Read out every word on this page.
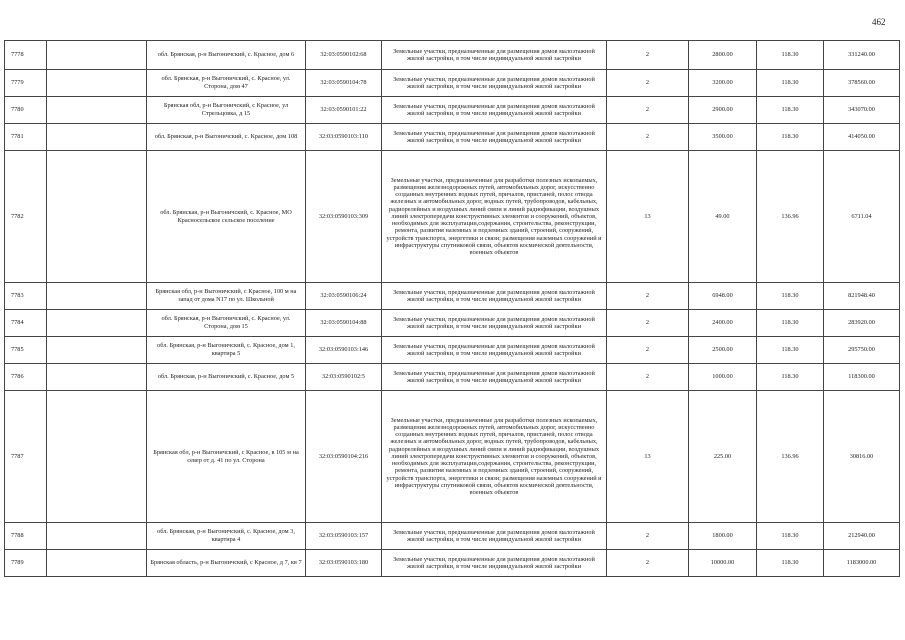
462
7778		обл. Брянская, р-н Выгоничский, с. Красное, дом 6	32:03:0590102:68	Земельные участки, предназначенные для размещения домов малоэтажной жилой застройки, в том числе индивидуальной жилой застройки	2	2800.00	118.30	331240.00
7779		обл. Брянская, р-н Выгоничский, с. Красное, ул. Сторона, дом 47	32:03:0590104:78	Земельные участки, предназначенные для размещения домов малоэтажной жилой застройки, в том числе индивидуальной жилой застройки	2	3200.00	118.30	378560.00
7780		Брянская обл, р-н Выгоничский, с Красное, ул Стрельцовка, д 15	32:03:0590101:22	Земельные участки, предназначенные для размещения домов малоэтажной жилой застройки, в том числе индивидуальной жилой застройки	2	2900.00	118.30	343070.00
7781		обл. Брянская, р-н Выгоничский, с. Красное, дом 108	32:03:0590103:110	Земельные участки, предназначенные для размещения домов малоэтажной жилой застройки, в том числе индивидуальной жилой застройки	2	3500.00	118.30	414050.00
7782		обл. Брянская, р-н Выгоничский, с. Красное, МО Красносельское сельское поселение	32:03:0590103:309	Земельные участки, предназначенные для разработки полезных ископаемых, размещения железнодорожных путей, автомобильных дорог, искусственно созданных внутренних водных путей, причалов, пристаней, полос отвода железных и автомобильных дорог, водных путей, трубопроводов, кабельных, радиорелейных и воздушных линий связи и линий радиофикации, воздушных линий электропередачи конструктивных элементов и сооружений, объектов, необходимых для эксплуатации,содержания, строительства, реконструкции, ремонта, развития наземных и подземных зданий, строений, сооружений, устройств транспорта, энергетики и связи; размещения наземных сооружений и инфраструктуры спутниковой связи, объектов космической деятельности, военных объектов	13	49.00	136.96	6711.04
7783		Брянская обл, р-н Выгоничский, с Красное, 100 м на запад от дома N17 по ул. Школьной	32:03:0590106:24	Земельные участки, предназначенные для размещения домов малоэтажной жилой застройки, в том числе индивидуальной жилой застройки	2	6948.00	118.30	821948.40
7784		обл. Брянская, р-н Выгоничский, с. Красное, ул. Сторона, дом 15	32:03:0590104:88	Земельные участки, предназначенные для размещения домов малоэтажной жилой застройки, в том числе индивидуальной жилой застройки	2	2400.00	118.30	283920.00
7785		обл. Брянская, р-н Выгоничский, с. Красное, дом 1, квартира 5	32:03:0590103:146	Земельные участки, предназначенные для размещения домов малоэтажной жилой застройки, в том числе индивидуальной жилой застройки	2	2500.00	118.30	295750.00
7786		обл. Брянская, р-н Выгоничский, с. Красное, дом 5	32:03:0590102:5	Земельные участки, предназначенные для размещения домов малоэтажной жилой застройки, в том числе индивидуальной жилой застройки	2	1000.00	118.30	118300.00
7787		Брянская обл, р-н Выгоничский, с Красное, в 105 м на север от д. 41 по ул. Сторона	32:03:0590104:216	Земельные участки, предназначенные для разработки полезных ископаемых, размещения железнодорожных путей, автомобильных дорог, искусственно созданных внутренних водных путей, причалов, пристаней, полос отвода железных и автомобильных дорог, водных путей, трубопроводов, кабельных, радиорелейных и воздушных линий связи и линий радиофикации, воздушных линий электропередачи конструктивных элементов и сооружений, объектов, необходимых для эксплуатации,содержания, строительства, реконструкции, ремонта, развития наземных и подземных зданий, строений, сооружений, устройств транспорта, энергетики и связи; размещения наземных сооружений и инфраструктуры спутниковой связи, объектов космической деятельности, военных объектов	13	225.00	136.96	30816.00
7788		обл. Брянская, р-н Выгоничский, с. Красное, дом 3, квартира 4	32:03:0590103:157	Земельные участки, предназначенные для размещения домов малоэтажной жилой застройки, в том числе индивидуальной жилой застройки	2	1800.00	118.30	212940.00
7789		Брянская область, р-н Выгоничский, с Красное, д 7, кв 7	32:03:0590103:180	Земельные участки, предназначенные для размещения домов малоэтажной жилой застройки, в том числе индивидуальной жилой застройки	2	10000.00	118.30	1183000.00
